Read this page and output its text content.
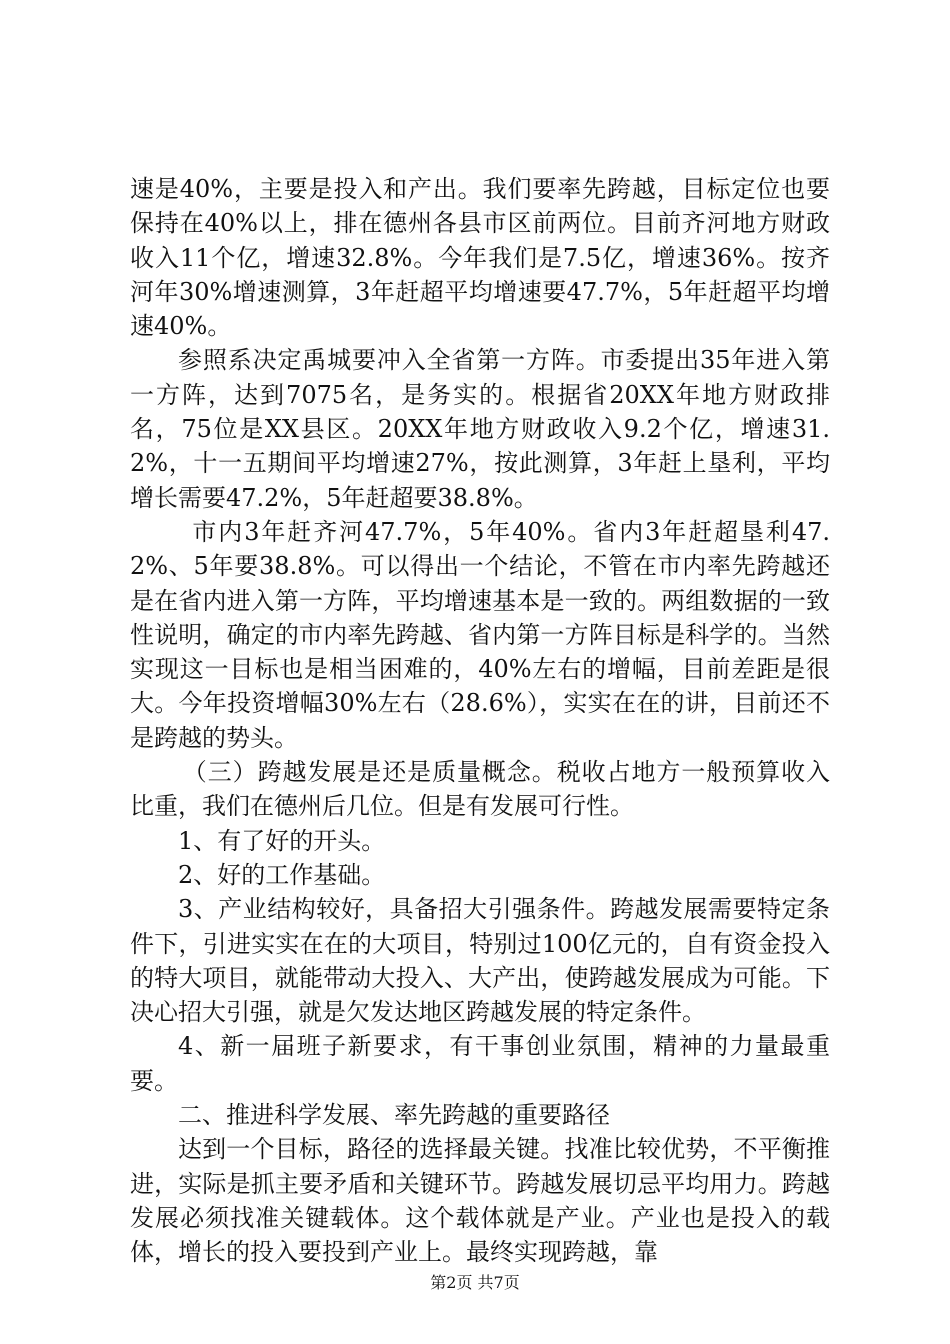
速是40%，主要是投入和产出。我们要率先跨越，目标定位也要保持在40%以上，排在德州各县市区前两位。目前齐河地方财政收入11个亿，增速32.8%。今年我们是7.5亿，增速36%。按齐河年30%增速测算，3年赶超平均增速要47.7%，5年赶超平均增速40%。

参照系决定禹城要冲入全省第一方阵。市委提出35年进入第一方阵，达到7075名，是务实的。根据省20XX年地方财政排名，75位是XX县区。20XX年地方财政收入9.2个亿，增速31.2%，十一五期间平均增速27%，按此测算，3年赶上垦利，平均增长需要47.2%，5年赶超要38.8%。

市内3年赶齐河47.7%，5年40%。省内3年赶超垦利47.2%、5年要38.8%。可以得出一个结论，不管在市内率先跨越还是在省内进入第一方阵，平均增速基本是一致的。两组数据的一致性说明，确定的市内率先跨越、省内第一方阵目标是科学的。当然实现这一目标也是相当困难的，40%左右的增幅，目前差距是很大。今年投资增幅30%左右（28.6%），实实在在的讲，目前还不是跨越的势头。

（三）跨越发展是还是质量概念。税收占地方一般预算收入比重，我们在德州后几位。但是有发展可行性。

1、有了好的开头。

2、好的工作基础。

3、产业结构较好，具备招大引强条件。跨越发展需要特定条件下，引进实实在在的大项目，特别过100亿元的，自有资金投入的特大项目，就能带动大投入、大产出，使跨越发展成为可能。下决心招大引强，就是欠发达地区跨越发展的特定条件。

4、新一届班子新要求，有干事创业氛围，精神的力量最重要。

二、推进科学发展、率先跨越的重要路径

达到一个目标，路径的选择最关键。找准比较优势，不平衡推进，实际是抓主要矛盾和关键环节。跨越发展切忌平均用力。跨越发展必须找准关键载体。这个载体就是产业。产业也是投入的载体，增长的投入要投到产业上。最终实现跨越，靠

第2页 共7页
